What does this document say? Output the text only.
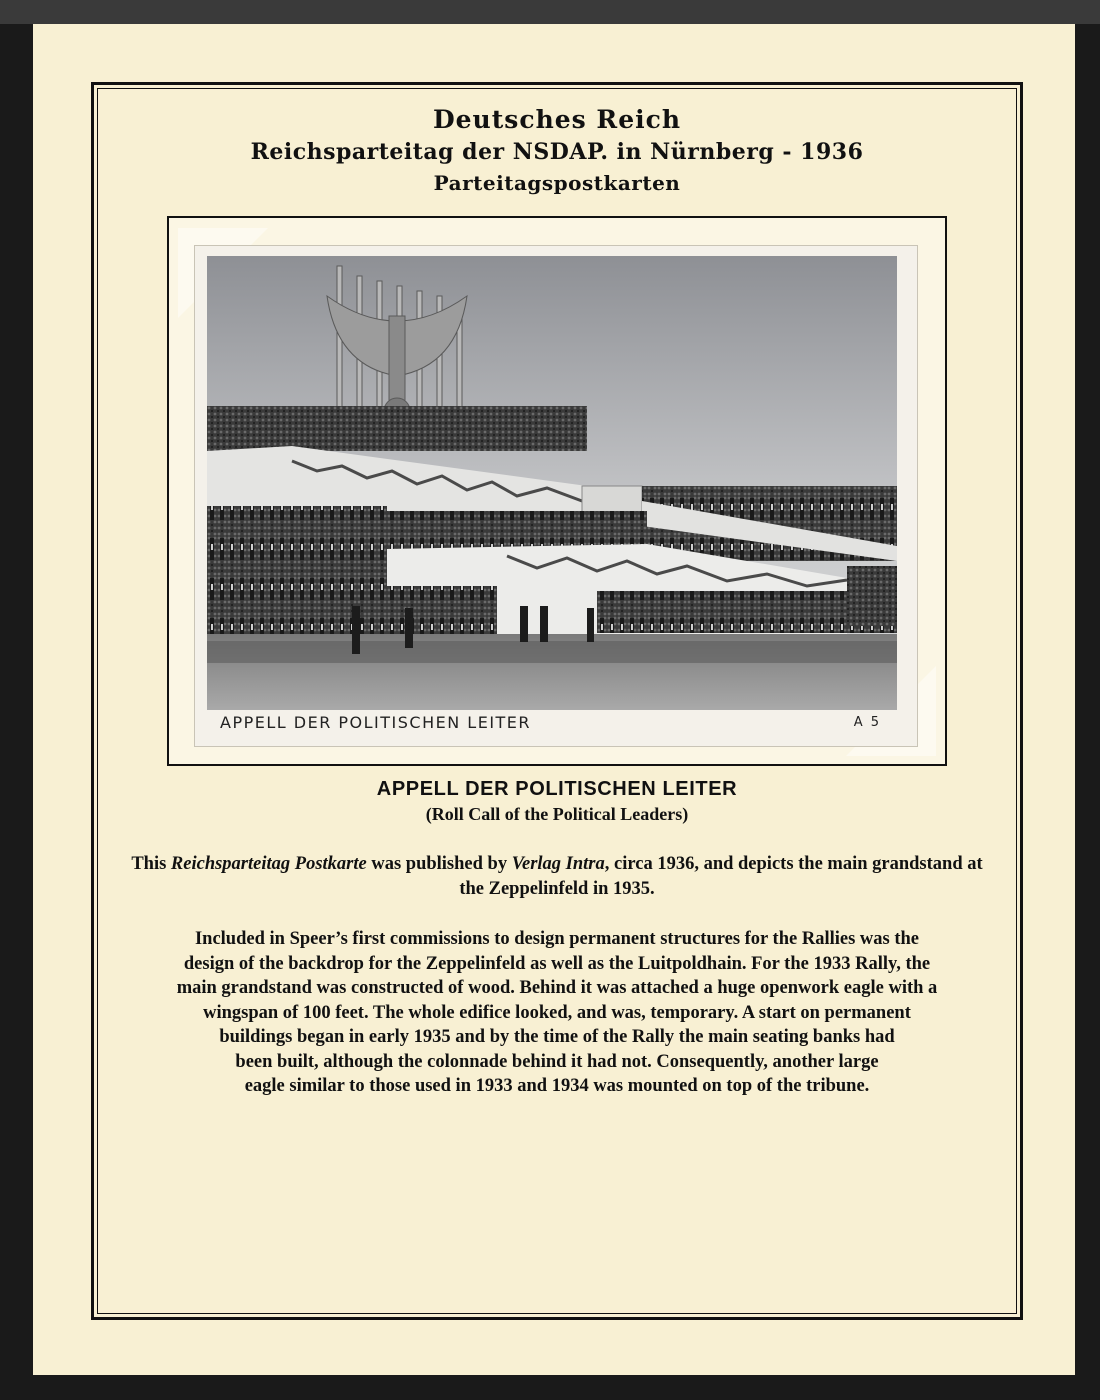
Deutsches Reich
Reichsparteitag der NSDAP. in Nürnberg - 1936
Parteitagspostkarten
APPELL DER POLITISCHEN LEITER	A 5
APPELL DER POLITISCHEN LEITER
(Roll Call of the Political Leaders)
This Reichsparteitag Postkarte was published by Verlag Intra, circa 1936, and depicts the main grandstand at the Zeppelinfeld in 1935.
Included in Speer’s first commissions to design permanent structures for the Rallies was the
design of the backdrop for the Zeppelinfeld as well as the Luitpoldhain. For the 1933 Rally, the
main grandstand was constructed of wood. Behind it was attached a huge openwork eagle with a
wingspan of 100 feet. The whole edifice looked, and was, temporary. A start on permanent
buildings began in early 1935 and by the time of the Rally the main seating banks had
been built, although the colonnade behind it had not. Consequently, another large
eagle similar to those used in 1933 and 1934 was mounted on top of the tribune.
